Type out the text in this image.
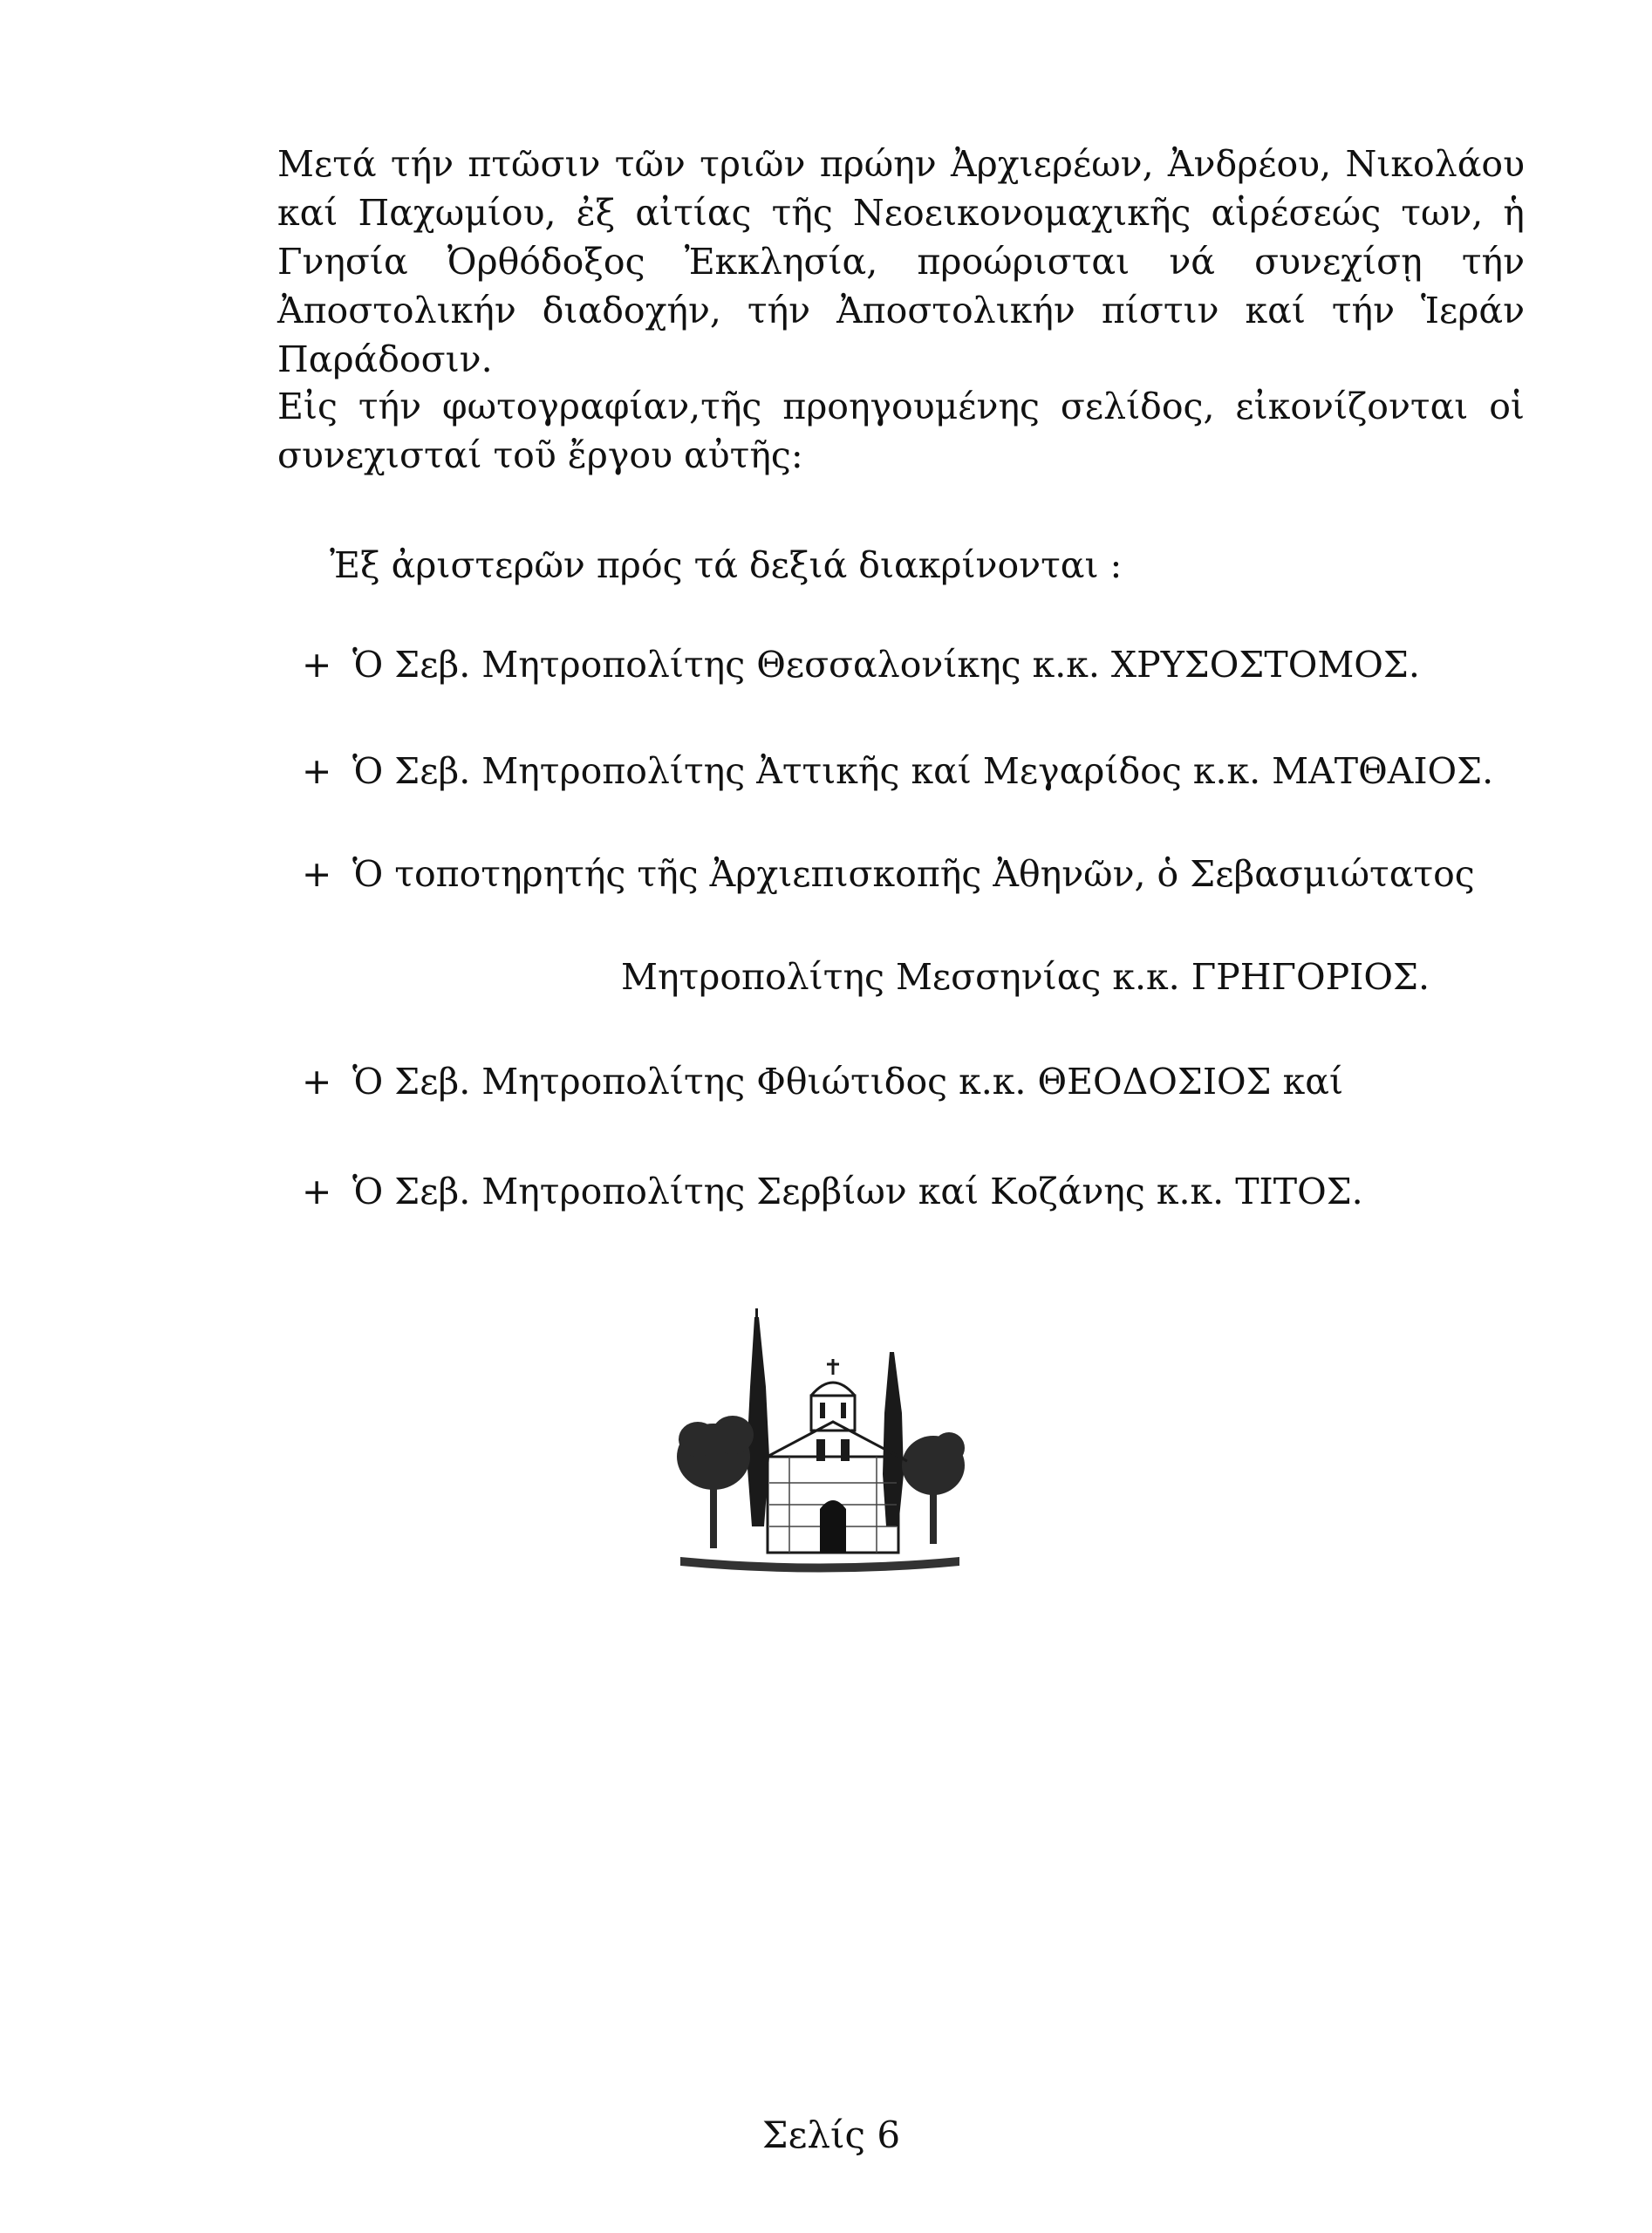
Μετά τήν πτῶσιν τῶν τριῶν πρώην Ἀρχιερέων, Ἀνδρέου, Νικολάου καί Παχωμίου, ἐξ αἰτίας τῆς Νεοεικονομαχικῆς αἱρέσεώς των, ἡ Γνησία Ὀρθόδοξος Ἐκκλησία, προώρισται νά συνεχίσῃ τήν Ἀποστολικήν διαδοχήν, τήν Ἀποστολικήν πίστιν καί τήν Ἱεράν Παράδοσιν.

Εἰς τήν φωτογραφίαν,τῆς προηγουμένης σελίδος, εἰκονίζονται οἱ συνεχισταί τοῦ ἔργου αὐτῆς:

Ἐξ ἀριστερῶν πρός τά δεξιά διακρίνονται :

+ Ὁ Σεβ. Μητροπολίτης Θεσσαλονίκης κ.κ. ΧΡΥΣΟΣΤΟΜΟΣ.

+ Ὁ Σεβ. Μητροπολίτης Ἀττικῆς καί Μεγαρίδος κ.κ. ΜΑΤΘΑΙΟΣ.

+ Ὁ τοποτηρητής τῆς Ἀρχιεπισκοπῆς Ἀθηνῶν, ὁ Σεβασμιώτατος

Μητροπολίτης Μεσσηνίας κ.κ. ΓΡΗΓΟΡΙΟΣ.

+ Ὁ Σεβ. Μητροπολίτης Φθιώτιδος κ.κ. ΘΕΟΔΟΣΙΟΣ καί

+ Ὁ Σεβ. Μητροπολίτης Σερβίων καί Κοζάνης κ.κ. ΤΙΤΟΣ.

Σελίς 6
